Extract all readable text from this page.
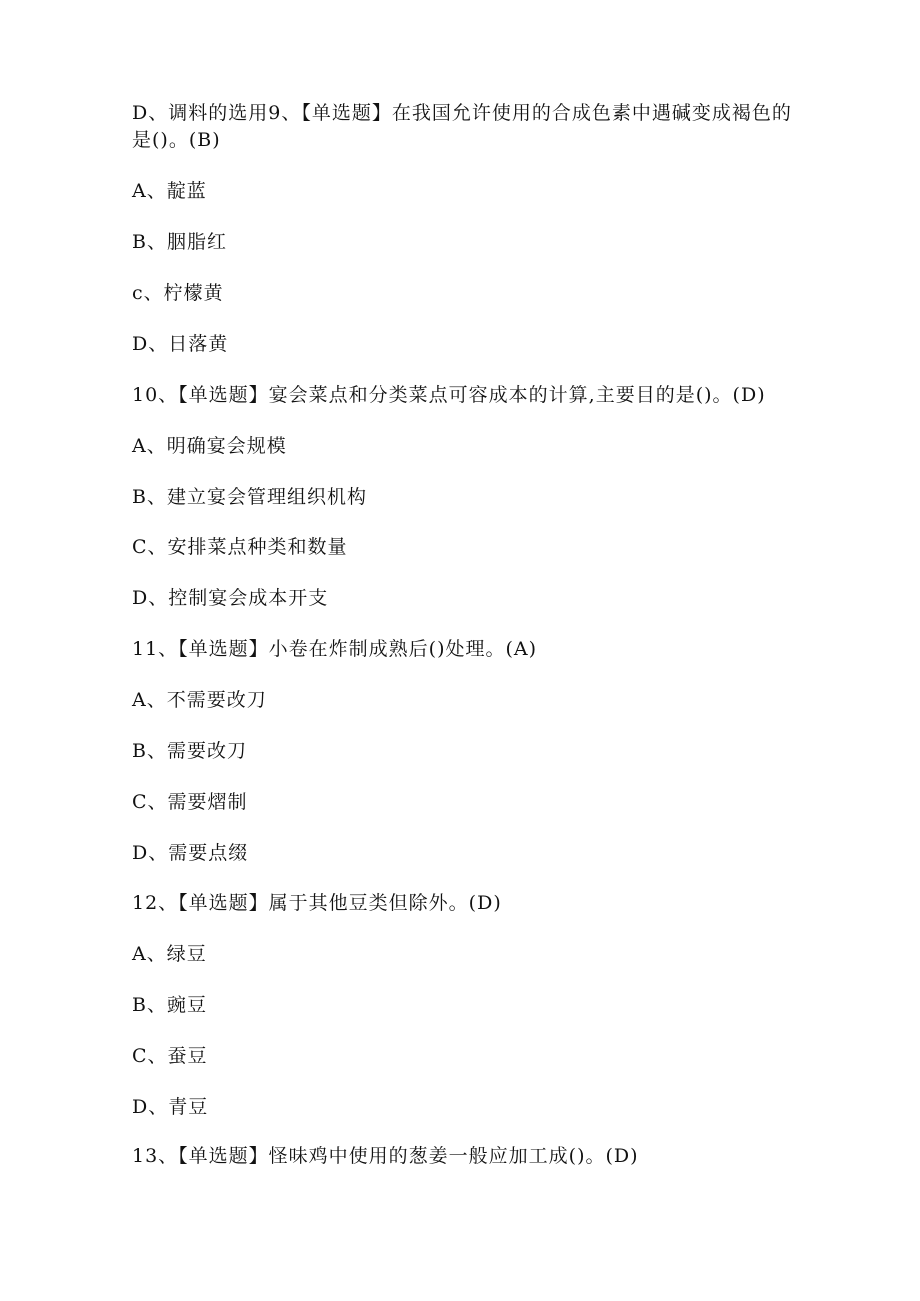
D、调料的选用9、【单选题】在我国允许使用的合成色素中遇碱变成褐色的是()。(B)
A、靛蓝
B、胭脂红
c、柠檬黄
D、日落黄
10、【单选题】宴会菜点和分类菜点可容成本的计算,主要目的是()。(D)
A、明确宴会规模
B、建立宴会管理组织机构
C、安排菜点种类和数量
D、控制宴会成本开支
11、【单选题】小卷在炸制成熟后()处理。(A)
A、不需要改刀
B、需要改刀
C、需要熠制
D、需要点缀
12、【单选题】属于其他豆类但除外。(D)
A、绿豆
B、豌豆
C、蚕豆
D、青豆
13、【单选题】怪味鸡中使用的葱姜一般应加工成()。(D)
